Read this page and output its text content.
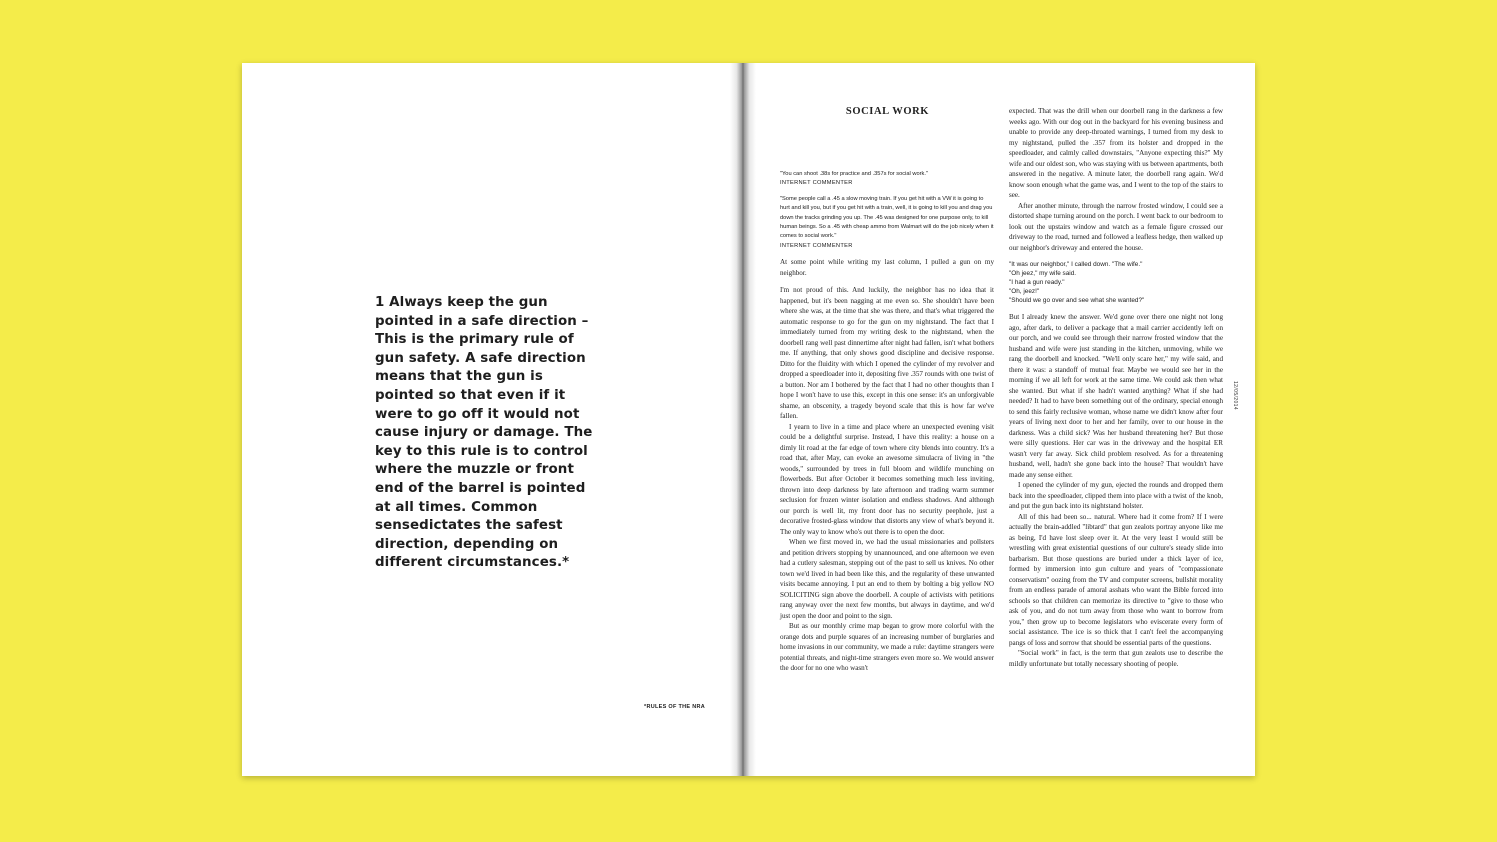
1 Always keep the gun pointed in a safe direction – This is the primary rule of gun safety. A safe direction means that the gun is pointed so that even if it were to go off it would not cause injury or damage. The key to this rule is to control where the muzzle or front end of the barrel is pointed at all times. Common sensedictates the safest direction, depending on different circumstances.*
*RULES OF THE NRA
SOCIAL WORK
12/05/2014
"You can shoot .38s for practice and .357s for social work."
INTERNET COMMENTER
"Some people call a .45 a slow moving train. If you get hit with a VW it is going to hurt and kill you, but if you get hit with a train, well, it is going to kill you and drag you down the tracks grinding you up. The .45 was designed for one purpose only, to kill human beings. So a .45 with cheap ammo from Walmart will do the job nicely when it comes to social work."
INTERNET COMMENTER

At some point while writing my last column, I pulled a gun on my neighbor.

I'm not proud of this. And luckily, the neighbor has no idea that it happened, but it's been nagging at me even so. She shouldn't have been where she was, at the time that she was there, and that's what triggered the automatic response to go for the gun on my nightstand. The fact that I immediately turned from my writing desk to the nightstand, when the doorbell rang well past dinnertime after night had fallen, isn't what bothers me. If anything, that only shows good discipline and decisive response. Ditto for the fluidity with which I opened the cylinder of my revolver and dropped a speedloader into it, depositing five .357 rounds with one twist of a button. Nor am I bothered by the fact that I had no other thoughts than I hope I won't have to use this, except in this one sense: it's an unforgivable shame, an obscenity, a tragedy beyond scale that this is how far we've fallen.

I yearn to live in a time and place where an unexpected evening visit could be a delightful surprise. Instead, I have this reality: a house on a dimly lit road at the far edge of town where city blends into country. It's a road that, after May, can evoke an awesome simulacra of living in "the woods," surrounded by trees in full bloom and wildlife munching on flowerbeds. But after October it becomes something much less inviting, thrown into deep darkness by late afternoon and trading warm summer seclusion for frozen winter isolation and endless shadows. And although our porch is well lit, my front door has no security peephole, just a decorative frosted-glass window that distorts any view of what's beyond it. The only way to know who's out there is to open the door.

When we first moved in, we had the usual missionaries and pollsters and petition drivers stopping by unannounced, and one afternoon we even had a cutlery salesman, stepping out of the past to sell us knives. No other town we'd lived in had been like this, and the regularity of these unwanted visits became annoying. I put an end to them by bolting a big yellow NO SOLICITING sign above the doorbell. A couple of activists with petitions rang anyway over the next few months, but always in daytime, and we'd just open the door and point to the sign.

But as our monthly crime map began to grow more colorful with the orange dots and purple squares of an increasing number of burglaries and home invasions in our community, we made a rule: daytime strangers were potential threats, and night-time strangers even more so. We would answer the door for no one who wasn't

expected. That was the drill when our doorbell rang in the darkness a few weeks ago. With our dog out in the backyard for his evening business and unable to provide any deep-throated warnings, I turned from my desk to my nightstand, pulled the .357 from its holster and dropped in the speedloader, and calmly called downstairs, "Anyone expecting this?" My wife and our oldest son, who was staying with us between apartments, both answered in the negative. A minute later, the doorbell rang again. We'd know soon enough what the game was, and I went to the top of the stairs to see.

After another minute, through the narrow frosted window, I could see a distorted shape turning around on the porch. I went back to our bedroom to look out the upstairs window and watch as a female figure crossed our driveway to the road, turned and followed a leafless hedge, then walked up our neighbor's driveway and entered the house.

"It was our neighbor," I called down. "The wife."
"Oh jeez," my wife said.
"I had a gun ready."
"Oh, jeez!"
"Should we go over and see what she wanted?"

But I already knew the answer. We'd gone over there one night not long ago, after dark, to deliver a package that a mail carrier accidently left on our porch, and we could see through their narrow frosted window that the husband and wife were just standing in the kitchen, unmoving, while we rang the doorbell and knocked. "We'll only scare her," my wife said, and there it was: a standoff of mutual fear. Maybe we would see her in the morning if we all left for work at the same time. We could ask then what she wanted. But what if she hadn't wanted anything? What if she had needed? It had to have been something out of the ordinary, special enough to send this fairly reclusive woman, whose name we didn't know after four years of living next door to her and her family, over to our house in the darkness. Was a child sick? Was her husband threatening her? But those were silly questions. Her car was in the driveway and the hospital ER wasn't very far away. Sick child problem resolved. As for a threatening husband, well, hadn't she gone back into the house? That wouldn't have made any sense either.

I opened the cylinder of my gun, ejected the rounds and dropped them back into the speedloader, clipped them into place with a twist of the knob, and put the gun back into its nightstand holster.

All of this had been so... natural. Where had it come from? If I were actually the brain-addled "libtard" that gun zealots portray anyone like me as being, I'd have lost sleep over it. At the very least I would still be wrestling with great existential questions of our culture's steady slide into barbarism. But those questions are buried under a thick layer of ice, formed by immersion into gun culture and years of "compassionate conservatism" oozing from the TV and computer screens, bullshit morality from an endless parade of amoral asshats who want the Bible forced into schools so that children can memorize its directive to "give to those who ask of you, and do not turn away from those who want to borrow from you," then grow up to become legislators who eviscerate every form of social assistance. The ice is so thick that I can't feel the accompanying pangs of loss and sorrow that should be essential parts of the questions.

"Social work" in fact, is the term that gun zealots use to describe the mildly unfortunate but totally necessary shooting of people.
